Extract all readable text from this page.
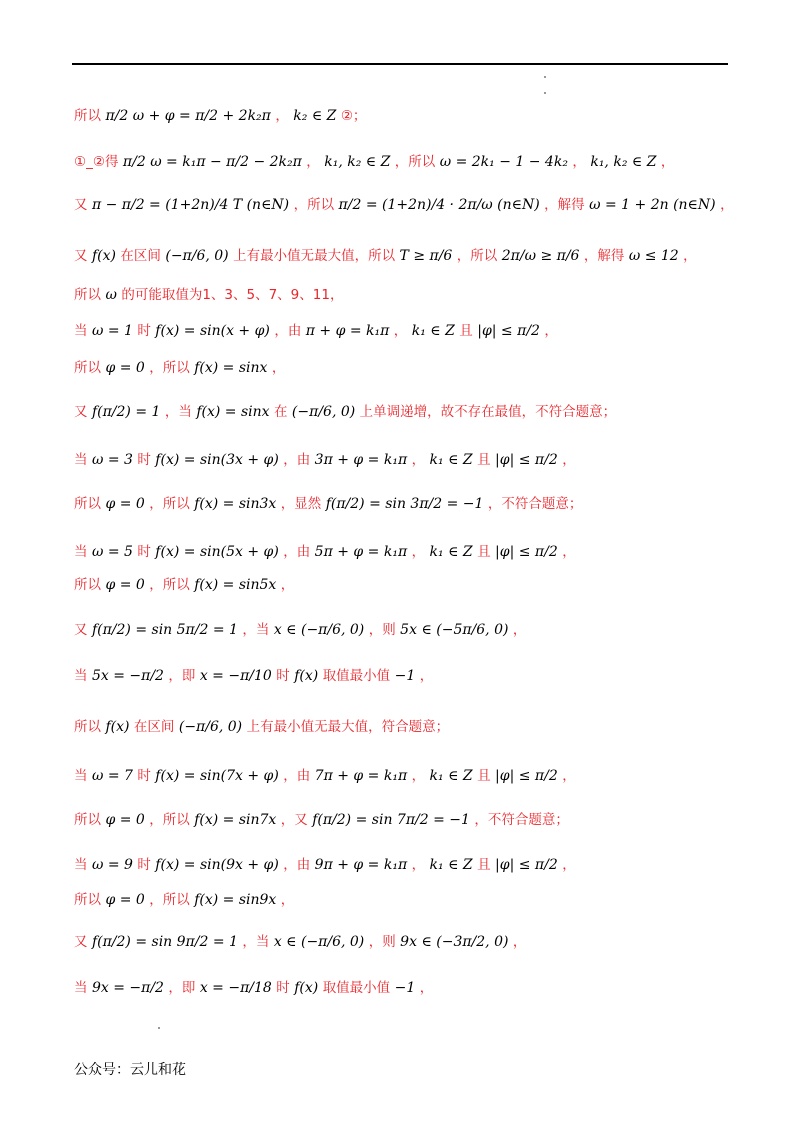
所以 π/2 ω + φ = π/2 + 2k₂π ， k₂ ∈ Z ②；
①_②得 π/2 ω = k₁π − π/2 − 2k₂π ， k₁, k₂ ∈ Z ，所以 ω = 2k₁ − 1 − 4k₂ ， k₁, k₂ ∈ Z ，
又 π − π/2 = (1+2n)/4 T (n∈N) ，所以 π/2 = (1+2n)/4 · 2π/ω (n∈N) ，解得 ω = 1 + 2n (n∈N) ，
又 f(x) 在区间 (−π/6, 0) 上有最小值无最大值，所以 T ≥ π/6 ，所以 2π/ω ≥ π/6 ，解得 ω ≤ 12 ，
所以 ω 的可能取值为1、3、5、7、9、11，
当 ω = 1 时 f(x) = sin(x + φ) ，由 π + φ = k₁π ， k₁ ∈ Z 且 |φ| ≤ π/2 ，
所以 φ = 0 ，所以 f(x) = sinx ，
又 f(π/2) = 1 ，当 f(x) = sinx 在 (−π/6, 0) 上单调递增，故不存在最值，不符合题意；
当 ω = 3 时 f(x) = sin(3x + φ) ，由 3π + φ = k₁π ， k₁ ∈ Z 且 |φ| ≤ π/2 ，
所以 φ = 0 ，所以 f(x) = sin3x ，显然 f(π/2) = sin 3π/2 = −1 ，不符合题意；
当 ω = 5 时 f(x) = sin(5x + φ) ，由 5π + φ = k₁π ， k₁ ∈ Z 且 |φ| ≤ π/2 ，
所以 φ = 0 ，所以 f(x) = sin5x ，
又 f(π/2) = sin 5π/2 = 1 ，当 x ∈ (−π/6, 0) ，则 5x ∈ (−5π/6, 0) ，
当 5x = −π/2 ，即 x = −π/10 时 f(x) 取值最小值 −1 ，
所以 f(x) 在区间 (−π/6, 0) 上有最小值无最大值，符合题意；
当 ω = 7 时 f(x) = sin(7x + φ) ，由 7π + φ = k₁π ， k₁ ∈ Z 且 |φ| ≤ π/2 ，
所以 φ = 0 ，所以 f(x) = sin7x ，又 f(π/2) = sin 7π/2 = −1 ，不符合题意；
当 ω = 9 时 f(x) = sin(9x + φ) ，由 9π + φ = k₁π ， k₁ ∈ Z 且 |φ| ≤ π/2 ，
所以 φ = 0 ，所以 f(x) = sin9x ，
又 f(π/2) = sin 9π/2 = 1 ，当 x ∈ (−π/6, 0) ，则 9x ∈ (−3π/2, 0) ，
当 9x = −π/2 ，即 x = −π/18 时 f(x) 取值最小值 −1 ，
公众号：云儿和花
